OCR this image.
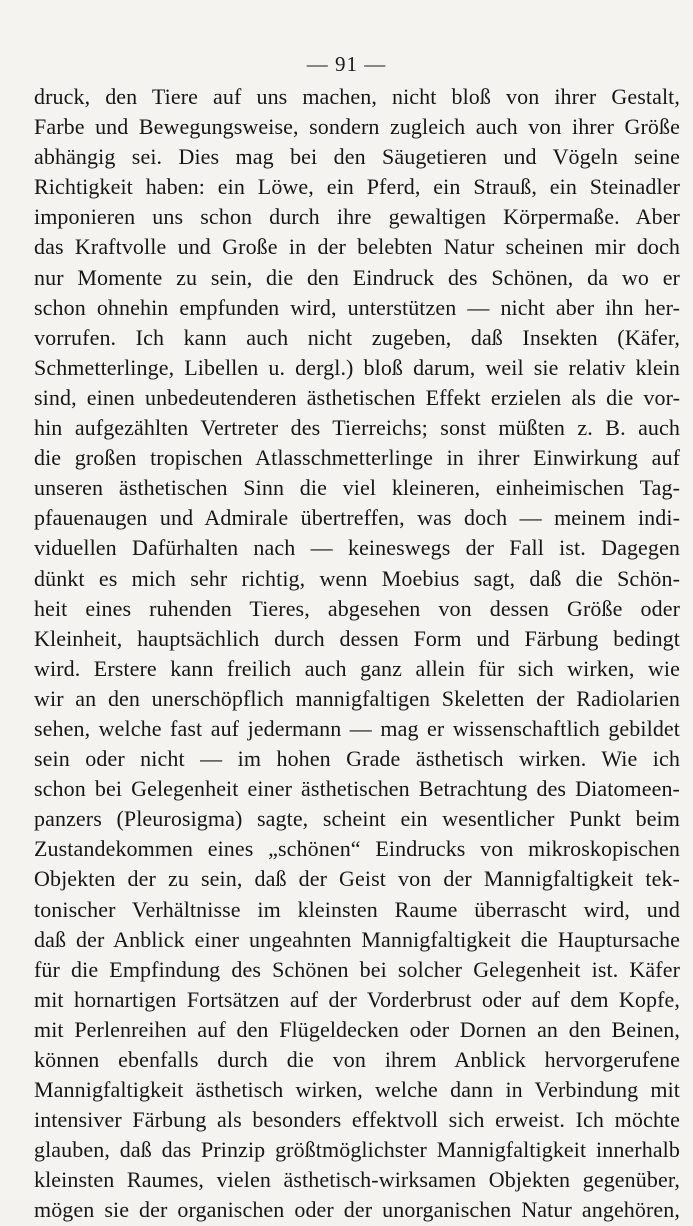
— 91 —
druck, den Tiere auf uns machen, nicht bloß von ihrer Gestalt,
Farbe und Bewegungsweise, sondern zugleich auch von ihrer Größe
abhängig sei. Dies mag bei den Säugetieren und Vögeln seine
Richtigkeit haben: ein Löwe, ein Pferd, ein Strauß, ein Steinadler
imponieren uns schon durch ihre gewaltigen Körpermaße. Aber
das Kraftvolle und Große in der belebten Natur scheinen mir doch
nur Momente zu sein, die den Eindruck des Schönen, da wo er
schon ohnehin empfunden wird, unterstützen — nicht aber ihn her-
vorrufen. Ich kann auch nicht zugeben, daß Insekten (Käfer,
Schmetterlinge, Libellen u. dergl.) bloß darum, weil sie relativ klein
sind, einen unbedeutenderen ästhetischen Effekt erzielen als die vor-
hin aufgezählten Vertreter des Tierreichs; sonst müßten z. B. auch
die großen tropischen Atlasschmetterlinge in ihrer Einwirkung auf
unseren ästhetischen Sinn die viel kleineren, einheimischen Tag-
pfauenaugen und Admirale übertreffen, was doch — meinem indi-
viduellen Dafürhalten nach — keineswegs der Fall ist. Dagegen
dünkt es mich sehr richtig, wenn Moebius sagt, daß die Schön-
heit eines ruhenden Tieres, abgesehen von dessen Größe oder
Kleinheit, hauptsächlich durch dessen Form und Färbung bedingt
wird. Erstere kann freilich auch ganz allein für sich wirken, wie
wir an den unerschöpflich mannigfaltigen Skeletten der Radiolarien
sehen, welche fast auf jedermann — mag er wissenschaftlich gebildet
sein oder nicht — im hohen Grade ästhetisch wirken. Wie ich
schon bei Gelegenheit einer ästhetischen Betrachtung des Diatomeen-
panzers (Pleurosigma) sagte, scheint ein wesentlicher Punkt beim
Zustandekommen eines „schönen“ Eindrucks von mikroskopischen
Objekten der zu sein, daß der Geist von der Mannigfaltigkeit tek-
tonischer Verhältnisse im kleinsten Raume überrascht wird, und
daß der Anblick einer ungeahnten Mannigfaltigkeit die Hauptursache
für die Empfindung des Schönen bei solcher Gelegenheit ist. Käfer
mit hornartigen Fortsätzen auf der Vorderbrust oder auf dem Kopfe,
mit Perlenreihen auf den Flügeldecken oder Dornen an den Beinen,
können ebenfalls durch die von ihrem Anblick hervorgerufene
Mannigfaltigkeit ästhetisch wirken, welche dann in Verbindung mit
intensiver Färbung als besonders effektvoll sich erweist. Ich möchte
glauben, daß das Prinzip größtmöglichster Mannigfaltigkeit innerhalb
kleinsten Raumes, vielen ästhetisch-wirksamen Objekten gegenüber,
mögen sie der organischen oder der unorganischen Natur angehören,
